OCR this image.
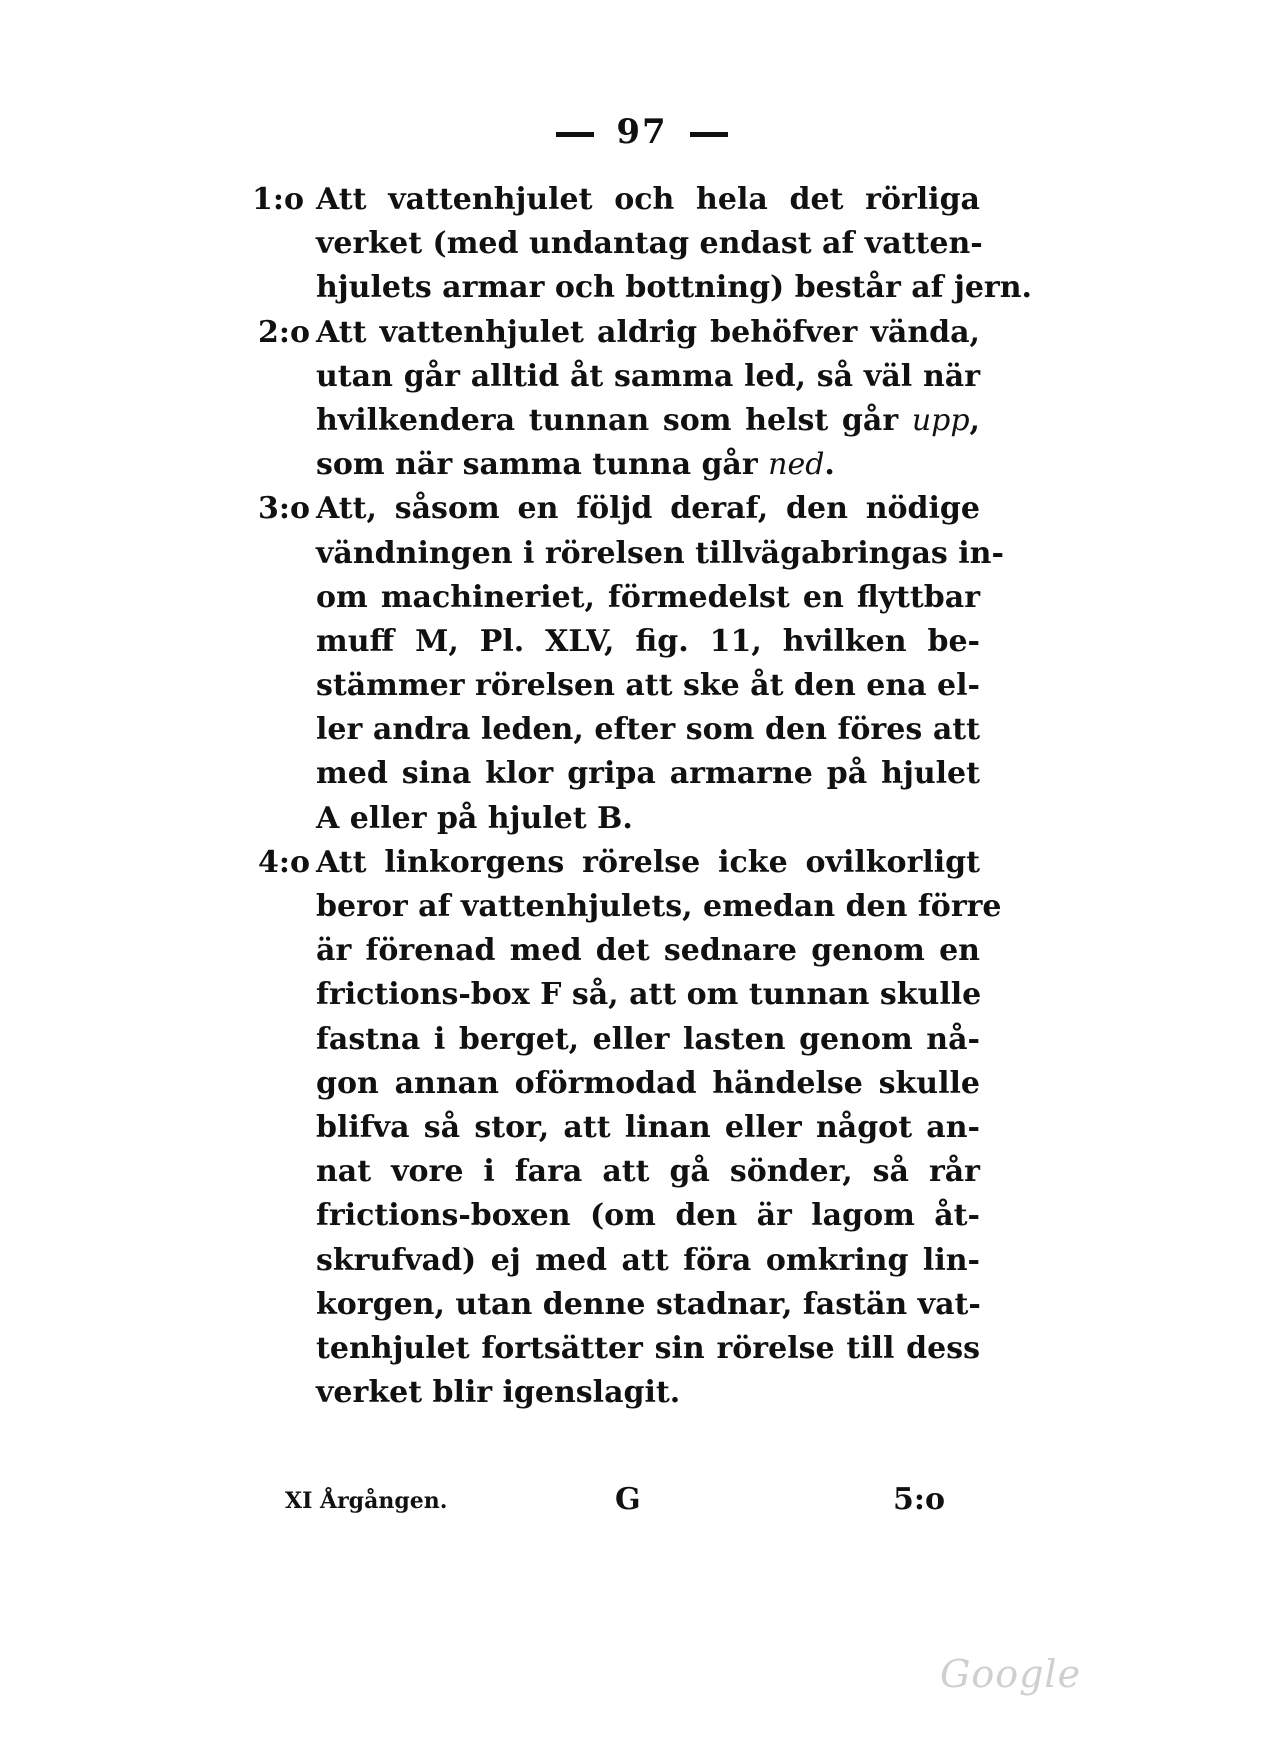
97
1:o Att vattenhjulet och hela det rörliga
verket (med undantag endast af vatten-
hjulets armar och bottning) består af jern.
2:o Att vattenhjulet aldrig behöfver vända,
utan går alltid åt samma led, så väl när
hvilkendera tunnan som helst går upp,
som när samma tunna går ned.
3:o Att, såsom en följd deraf, den nödige
vändningen i rörelsen tillvägabringas in-
om machineriet, förmedelst en flyttbar
muff M, Pl. XLV, fig. 11, hvilken be-
stämmer rörelsen att ske åt den ena el-
ler andra leden, efter som den föres att
med sina klor gripa armarne på hjulet
A eller på hjulet B.
4:o Att linkorgens rörelse icke ovilkorligt
beror af vattenhjulets, emedan den förre
är förenad med det sednare genom en
frictions-box F så, att om tunnan skulle
fastna i berget, eller lasten genom nå-
gon annan oförmodad händelse skulle
blifva så stor, att linan eller något an-
nat vore i fara att gå sönder, så rår
frictions-boxen (om den är lagom åt-
skrufvad) ej med att föra omkring lin-
korgen, utan denne stadnar, fastän vat-
tenhjulet fortsätter sin rörelse till dess
verket blir igenslagit.
XI Årgången.	G	5:o
Google
